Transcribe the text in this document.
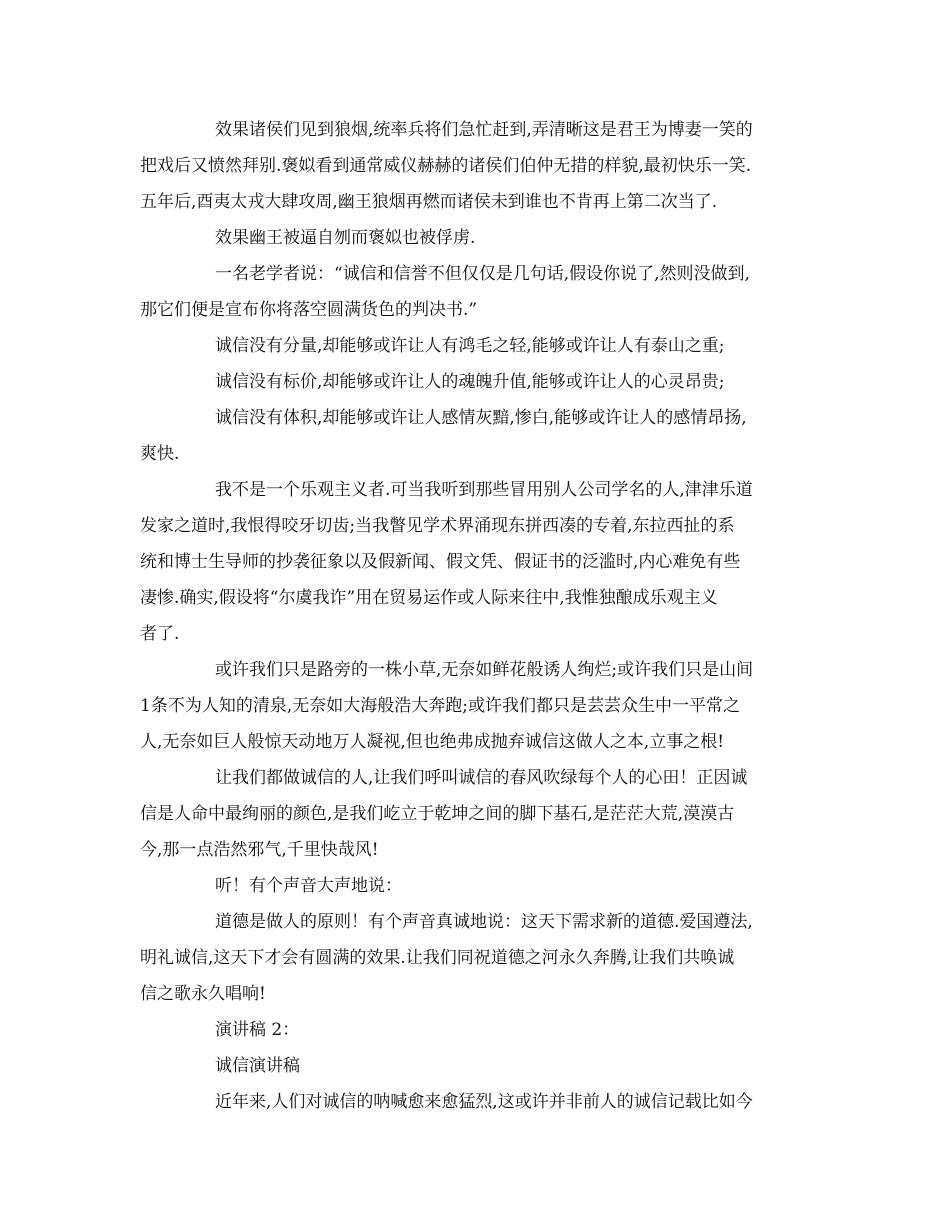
效果诸侯们见到狼烟,统率兵将们急忙赶到,弄清晰这是君王为博妻一笑的
把戏后又愤然拜别.褒姒看到通常威仪赫赫的诸侯们伯仲无措的样貌,最初快乐一笑.
五年后,酉夷太戎大肆攻周,幽王狼烟再燃而诸侯未到谁也不肯再上第二次当了.
效果幽王被逼自刎而褒姒也被俘虏.
一名老学者说：“诚信和信誉不但仅仅是几句话,假设你说了,然则没做到,
那它们便是宣布你将落空圆满货色的判决书.”
诚信没有分量,却能够或许让人有鸿毛之轻,能够或许让人有泰山之重;
诚信没有标价,却能够或许让人的魂魄升值,能够或许让人的心灵昂贵;
诚信没有体积,却能够或许让人感情灰黯,惨白,能够或许让人的感情昂扬,
爽快.
我不是一个乐观主义者.可当我听到那些冒用别人公司学名的人,津津乐道
发家之道时,我恨得咬牙切齿;当我瞥见学术界涌现东拼西凑的专着,东拉西扯的系
统和博士生导师的抄袭征象以及假新闻、假文凭、假证书的泛滥时,内心难免有些
凄惨.确实,假设将“尔虞我诈”用在贸易运作或人际来往中,我惟独酿成乐观主义
者了.
或许我们只是路旁的一株小草,无奈如鲜花般诱人绚烂;或许我们只是山间
1条不为人知的清泉,无奈如大海般浩大奔跑;或许我们都只是芸芸众生中一平常之
人,无奈如巨人般惊天动地万人凝视,但也绝弗成抛弃诚信这做人之本,立事之根!
让我们都做诚信的人,让我们呼叫诚信的春风吹绿每个人的心田！正因诚
信是人命中最绚丽的颜色,是我们屹立于乾坤之间的脚下基石,是茫茫大荒,漠漠古
今,那一点浩然邪气,千里快哉风!
听！有个声音大声地说：
道德是做人的原则！有个声音真诚地说：这天下需求新的道德.爱国遵法,
明礼诚信,这天下才会有圆满的效果.让我们同祝道德之河永久奔腾,让我们共唤诚
信之歌永久唱响!
演讲稿 2：
诚信演讲稿
近年来,人们对诚信的呐喊愈来愈猛烈,这或许并非前人的诚信记载比如今
